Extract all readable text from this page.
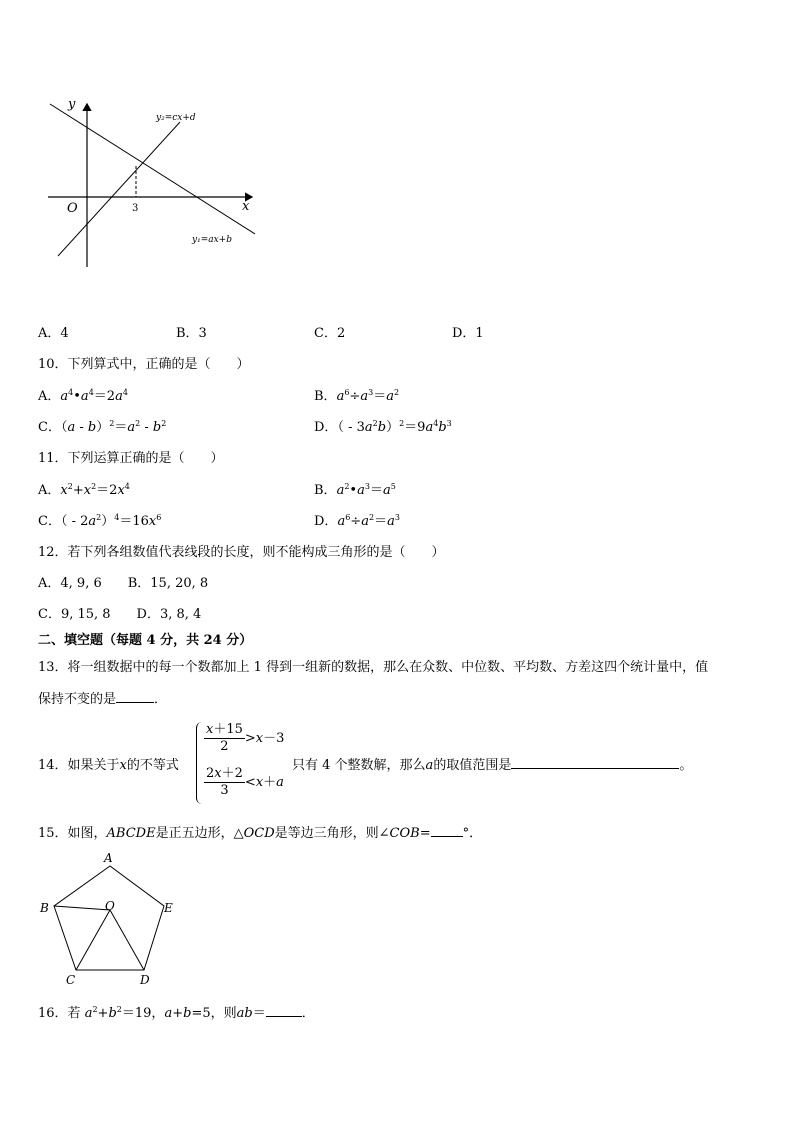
y
x
O	3
y₂=cx+d
y₁=ax+b
A．4	B．3	C．2	D．1
10．下列算式中，正确的是（　　）
A．$a^4•a^4=2a^4$	B．$a^6\div a^3=a^2$
C．$(a - b)^2=a^2 - b^2$	D．（ - $3a^2b)^2=9a^4b^3$
11．下列运算正确的是（　　）
A．$x^2+x^2=2x^4$	B．$a^2•a^3=a^5$
C．（ - $2a^2)^4=16x^6$	D．$a^6\div a^2=a^3$
12．若下列各组数值代表线段的长度，则不能构成三角形的是（　　）
A．4, 9, 6　　B．15, 20, 8
C．9, 15, 8　　D．3, 8, 4
二、填空题（每题 4 分，共 24 分）
13．将一组数据中的每一个数都加上 1 得到一组新的数据，那么在众数、中位数、平均数、方差这四个统计量中，值
保持不变的是	．
14．如果关于x的不等式
$\frac{x+15}{2} >x-3$
$\frac{2x+2}{3} <x+a$
只有 4 个整数解，那么a的取值范围是	。
15．如图，ABCDE是正五边形，△OCD是等边三角形，则∠COB= °．
A
B
C	D
E
O
16．若 $a^2+b^2=19$，a+b=5，则ab＝	．
